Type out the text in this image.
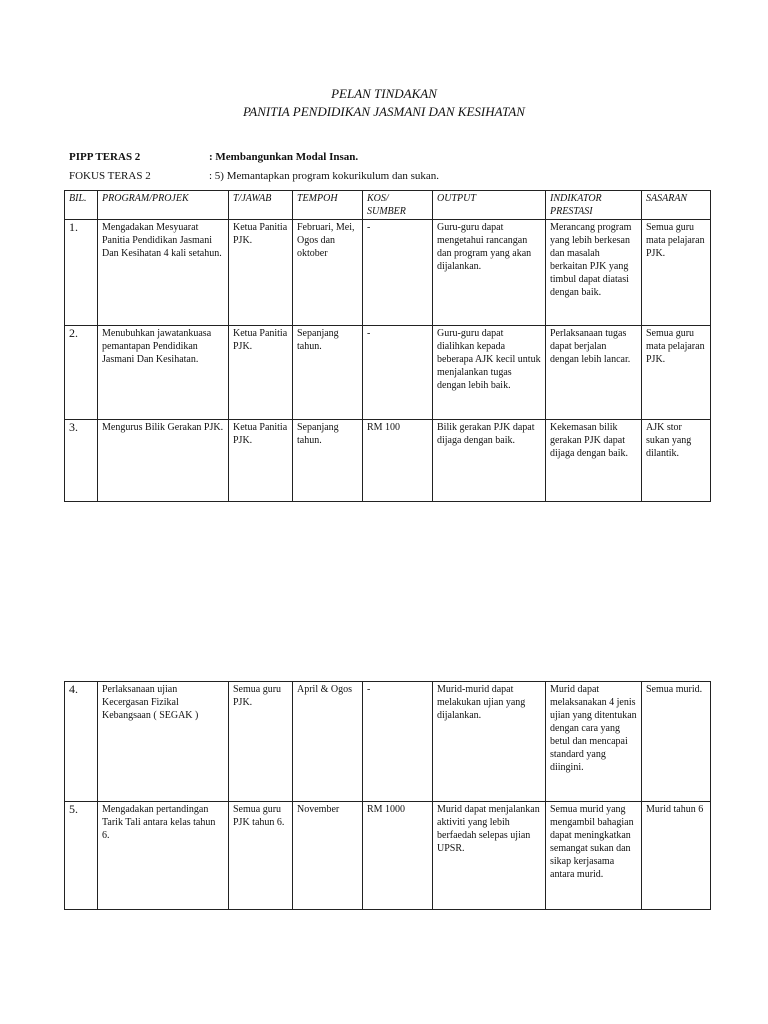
PELAN TINDAKAN
PANITIA PENDIDIKAN JASMANI DAN KESIHATAN
PIPP TERAS 2	: Membangunkan Modal Insan.
FOKUS TERAS 2	: 5) Memantapkan program kokurikulum dan sukan.
BIL.	PROGRAM/PROJEK	T/JAWAB	TEMPOH	KOS/ SUMBER	OUTPUT	INDIKATOR PRESTASI	SASARAN
1.	Mengadakan Mesyuarat Panitia Pendidikan Jasmani Dan Kesihatan 4 kali setahun.	Ketua Panitia PJK.	Februari, Mei, Ogos dan oktober	-	Guru-guru dapat mengetahui rancangan dan program yang akan dijalankan.	Merancang program yang lebih berkesan dan masalah berkaitan PJK yang timbul dapat diatasi dengan baik.	Semua guru mata pelajaran PJK.
2.	Menubuhkan jawatankuasa pemantapan Pendidikan Jasmani Dan Kesihatan.	Ketua Panitia PJK.	Sepanjang tahun.	-	Guru-guru dapat dialihkan kepada beberapa AJK kecil untuk menjalankan tugas dengan lebih baik.	Perlaksanaan tugas dapat berjalan dengan lebih lancar.	Semua guru mata pelajaran PJK.
3.	Mengurus Bilik Gerakan PJK.	Ketua Panitia PJK.	Sepanjang tahun.	RM 100	Bilik gerakan PJK dapat dijaga dengan baik.	Kekemasan bilik gerakan PJK dapat dijaga dengan baik.	AJK stor sukan yang dilantik.
4.	Perlaksanaan ujian Kecergasan Fizikal Kebangsaan ( SEGAK )	Semua guru PJK.	April & Ogos	-	Murid-murid dapat melakukan ujian yang dijalankan.	Murid dapat melaksanakan 4 jenis ujian yang ditentukan dengan cara yang betul dan mencapai standard yang diingini.	Semua murid.
5.	Mengadakan pertandingan Tarik Tali antara kelas tahun 6.	Semua guru PJK tahun 6.	November	RM 1000	Murid dapat menjalankan aktiviti yang lebih berfaedah selepas ujian UPSR.	Semua murid yang mengambil bahagian dapat meningkatkan semangat sukan dan sikap kerjasama antara murid.	Murid tahun 6
